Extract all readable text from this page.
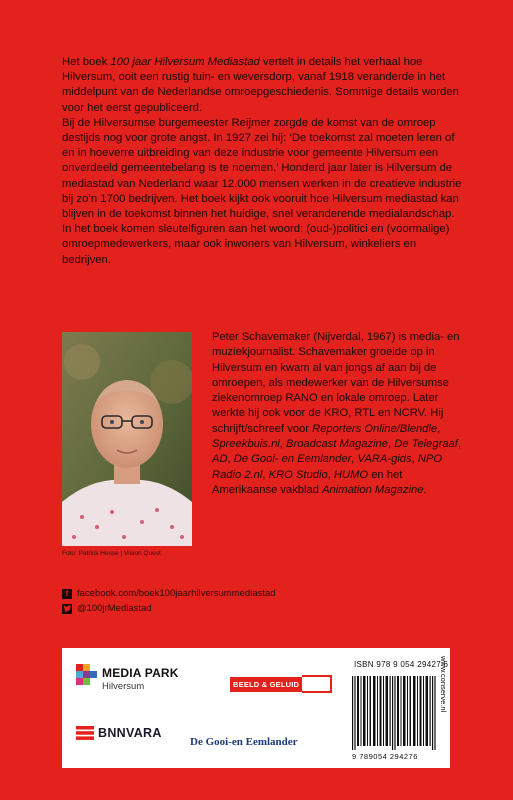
Het boek 100 jaar Hilversum Mediastad vertelt in details het verhaal hoe Hilversum, ooit een rustig tuin- en weversdorp, vanaf 1918 veranderde in het middelpunt van de Nederlandse omroepgeschiedenis. Sommige details worden voor het eerst gepubliceerd.

Bij de Hilversumse burgemeester Reijmer zorgde de komst van de omroep destijds nog voor grote angst. In 1927 zei hij: ‘De toekomst zal moeten leren of en in hoeverre uitbreiding van deze industrie voor gemeente Hilversum een onverdeeld gemeentebelang is te noemen.’ Honderd jaar later is Hilversum de mediastad van Nederland waar 12.000 mensen werken in de creatieve industrie bij zo’n 1700 bedrijven. Het boek kijkt ook vooruit hoe Hilversum mediastad kan blijven in de toekomst binnen het huidige, snel veranderende medialandschap. In het boek komen sleutelfiguren aan het woord: (oud-)politici en (voormalige) omroepmedewerkers, maar ook inwoners van Hilversum, winkeliers en bedrijven.

Foto: Patrick Hesse | Vision Quest
Peter Schavemaker (Nijverdal, 1967) is media- en muziekjournalist. Schavemaker groeide op in Hilversum en kwam al van jongs af aan bij de omroepen, als medewerker van de Hilversumse ziekenomroep RANO en lokale omroep. Later werkte hij ook voor de KRO, RTL en NCRV. Hij schrijft/schreef voor Reporters Online/Blendle, Spreekbuis.nl, Broadcast Magazine, De Telegraaf, AD, De Gooi- en Eemlander, VARA-gids, NPO Radio 2.nl, KRO Studio, HUMO en het Amerikaanse vakblad Animation Magazine.
f facebook.com/boek100jaarhilversummediastad
@100jrMediastad
MEDIA PARK
Hilversum	BEELD & GELUID
BNNVARA
De Gooi-en Eemlander
ISBN 978 9 054 29427 6
9 789054 294276
www.conserve.nl
